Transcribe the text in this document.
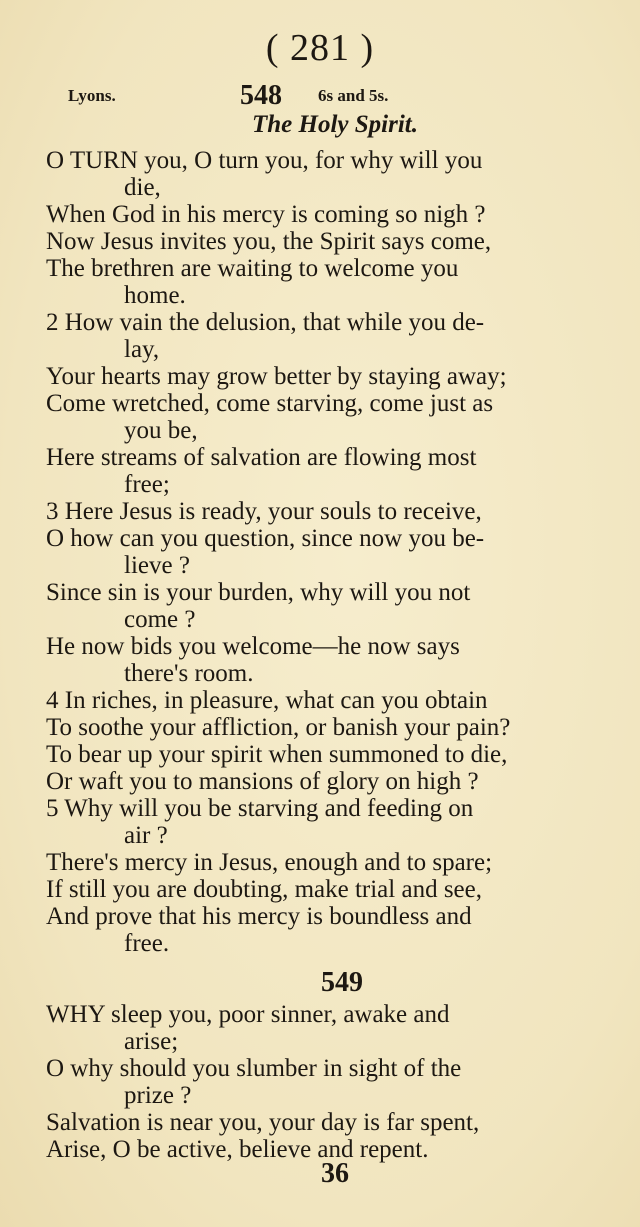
( 281 )
Lyons.	548 6s and 5s.
The Holy Spirit.
O TURN you, O turn you, for why will you
die,
When God in his mercy is coming so nigh ?
Now Jesus invites you, the Spirit says come,
The brethren are waiting to welcome you
home.
2 How vain the delusion, that while you de-
lay,
Your hearts may grow better by staying away;
Come wretched, come starving, come just as
you be,
Here streams of salvation are flowing most
free;
3 Here Jesus is ready, your souls to receive,
O how can you question, since now you be-
lieve ?
Since sin is your burden, why will you not
come ?
He now bids you welcome—he now says
there's room.
4 In riches, in pleasure, what can you obtain
To soothe your affliction, or banish your pain?
To bear up your spirit when summoned to die,
Or waft you to mansions of glory on high ?
5 Why will you be starving and feeding on
air ?
There's mercy in Jesus, enough and to spare;
If still you are doubting, make trial and see,
And prove that his mercy is boundless and
free.
549
WHY sleep you, poor sinner, awake and
arise;
O why should you slumber in sight of the
prize ?
Salvation is near you, your day is far spent,
Arise, O be active, believe and repent.
36
